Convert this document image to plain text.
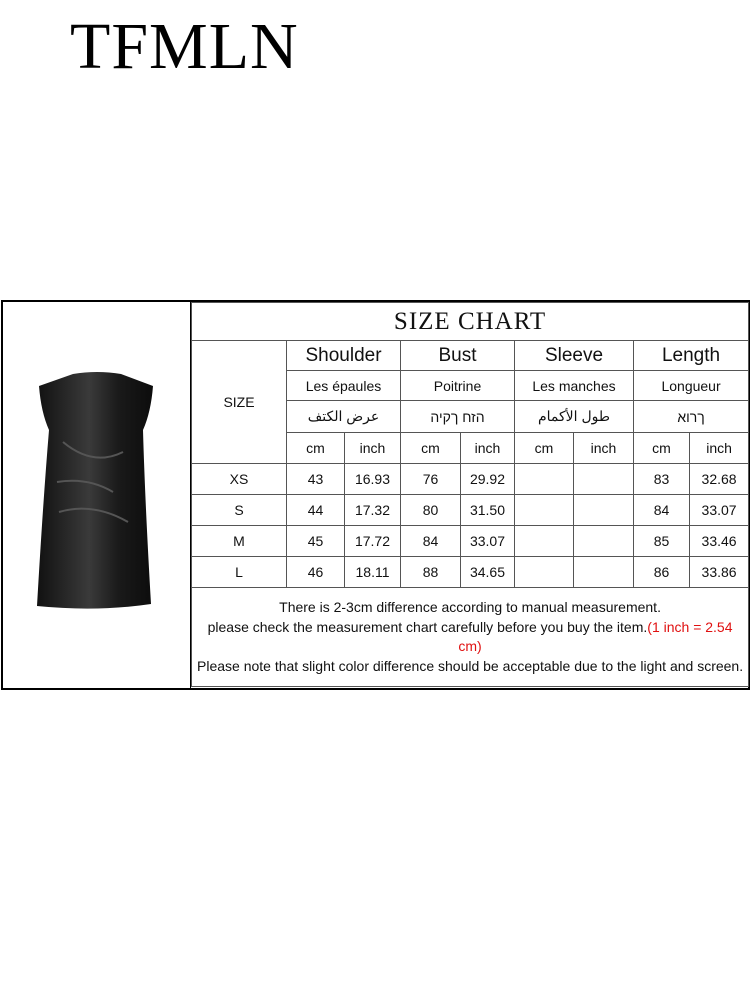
TFMLN
SIZE CHART								
SIZE	Shoulder		Bust		Sleeve		Length	
	Les épaules		Poitrine		Les manches		Longueur	
	عرض الكتف		הזח ךקיה		طول الأكمام		ךרוא	
	cm	inch	cm	inch	cm	inch	cm	inch
XS	43	16.93	76	29.92			83	32.68
S	44	17.32	80	31.50			84	33.07
M	45	17.72	84	33.07			85	33.46
L	46	18.11	88	34.65			86	33.86
There is 2-3cm difference according to manual measurement.
please check the measurement chart carefully before you buy the item.(1 inch = 2.54 cm)
Please note that slight color difference should be acceptable due to the light and screen.								
